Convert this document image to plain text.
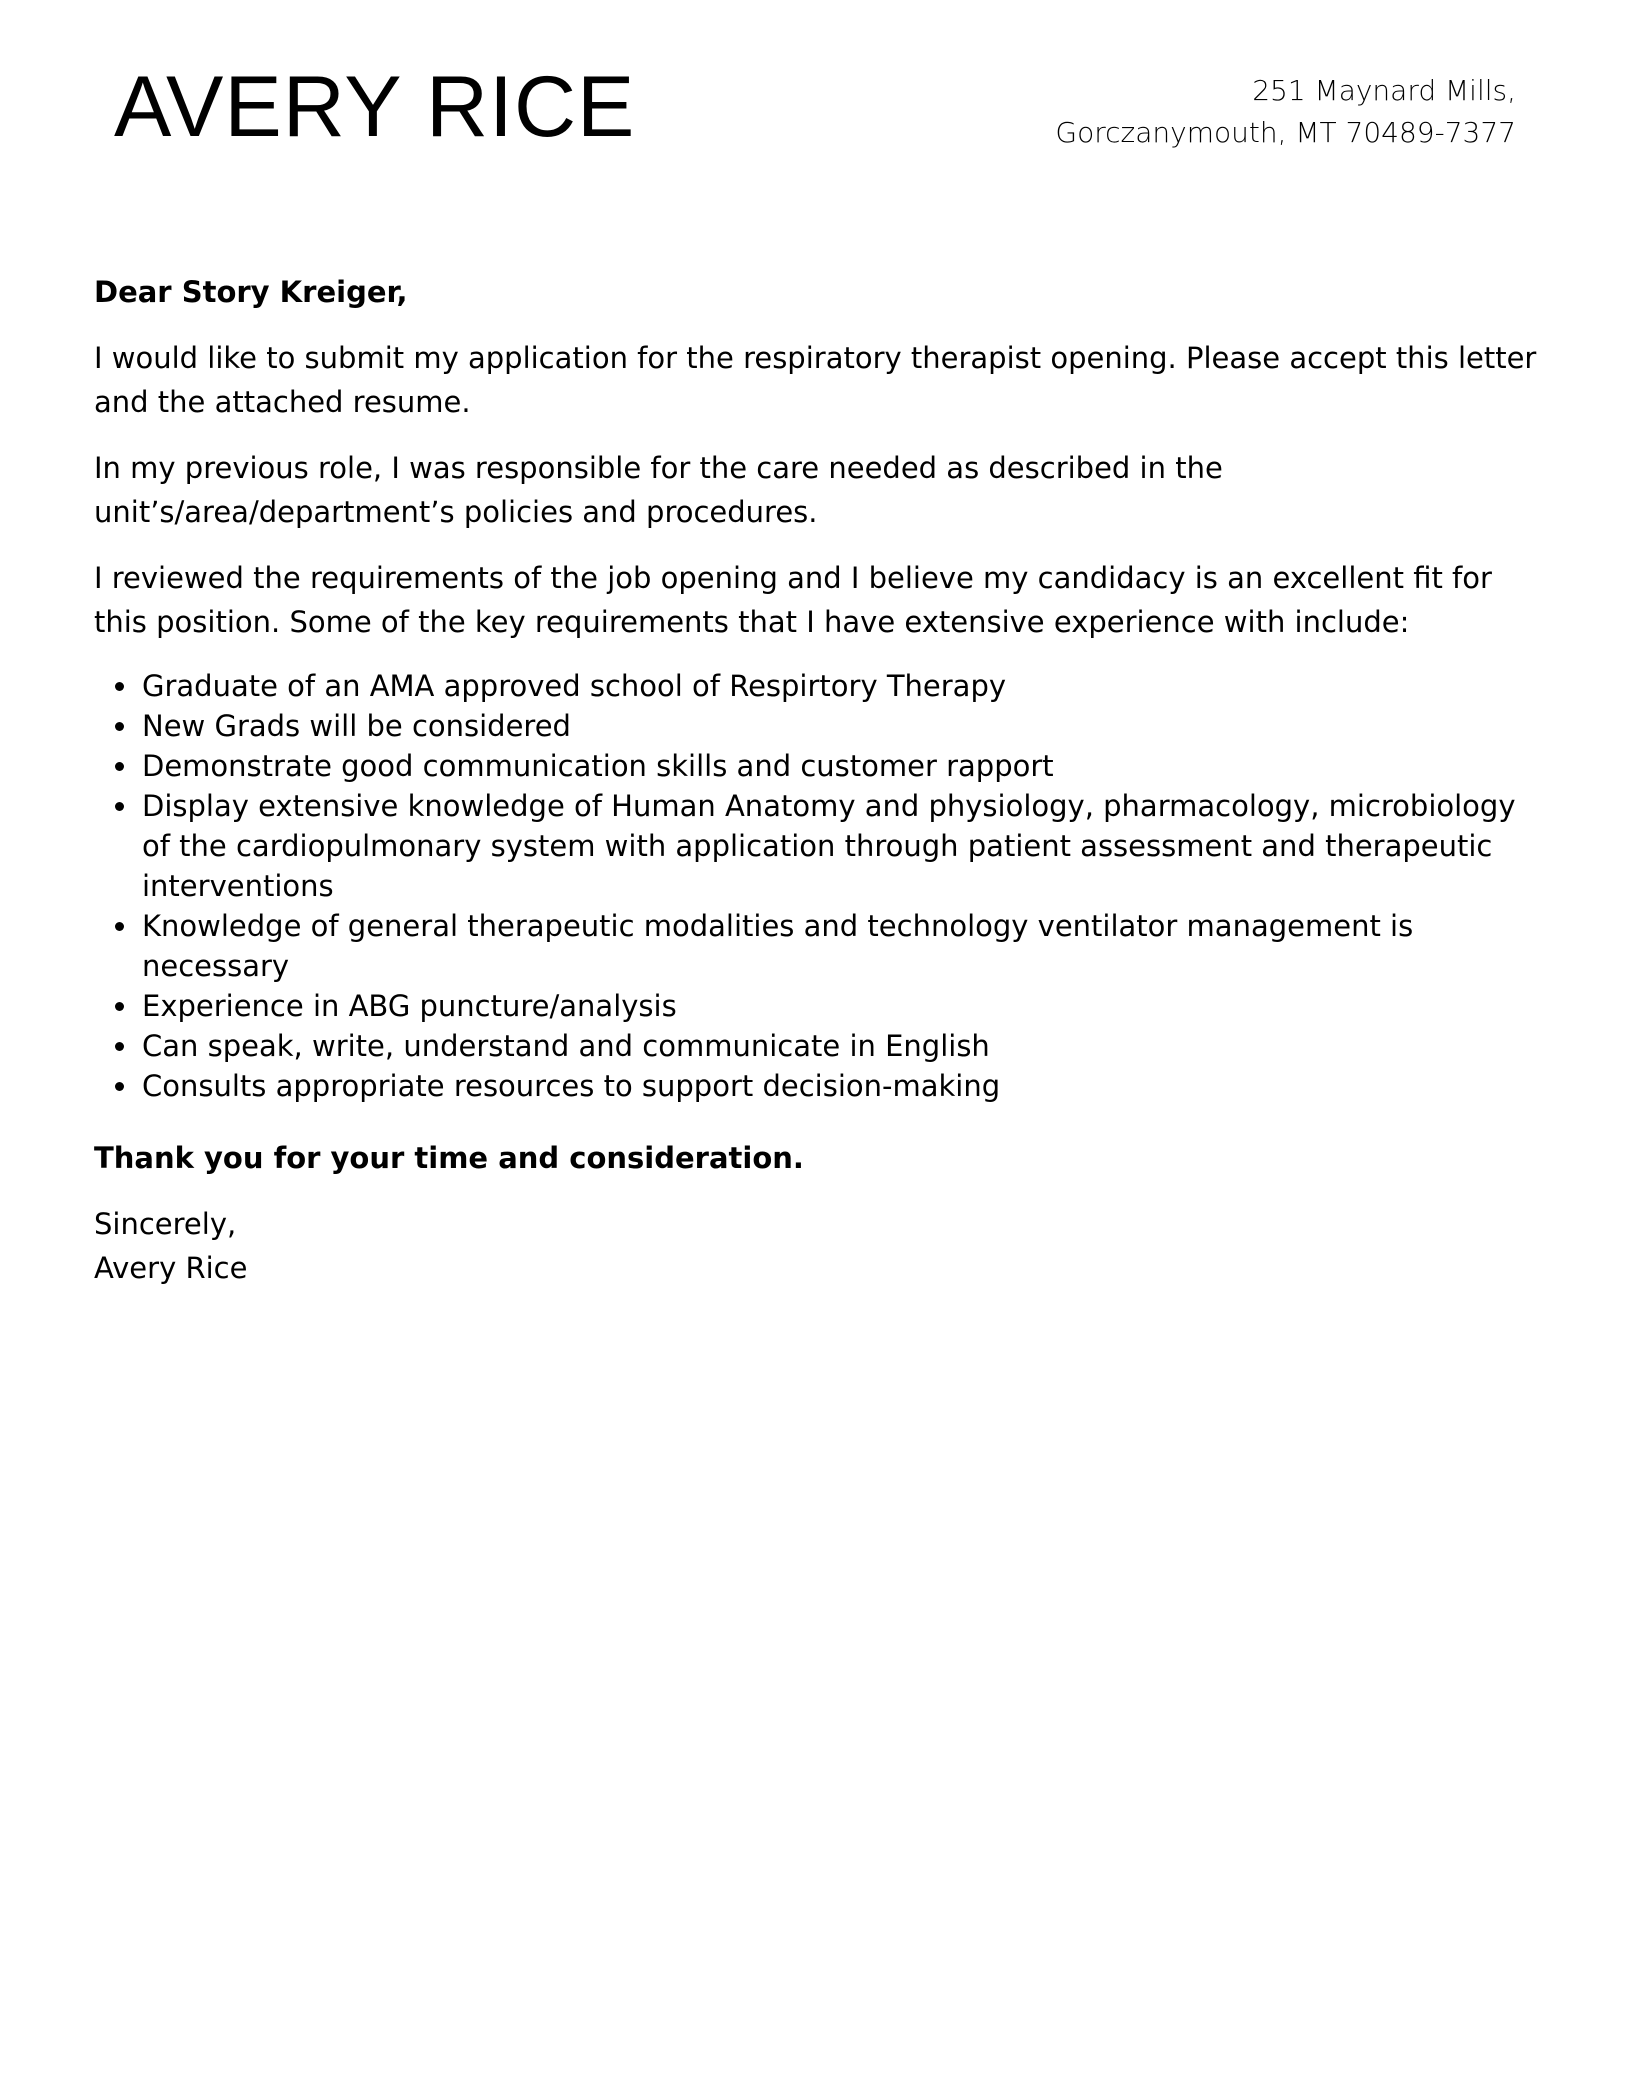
AVERY RICE	251 Maynard Mills,
Gorczanymouth, MT 70489-7377

Dear Story Kreiger,

I would like to submit my application for the respiratory therapist opening. Please accept this letter and the attached resume.

In my previous role, I was responsible for the care needed as described in the unit’s/area/department’s policies and procedures.

I reviewed the requirements of the job opening and I believe my candidacy is an excellent fit for this position. Some of the key requirements that I have extensive experience with include:

Graduate of an AMA approved school of Respirtory Therapy
New Grads will be considered
Demonstrate good communication skills and customer rapport
Display extensive knowledge of Human Anatomy and physiology, pharmacology, microbiology of the cardiopulmonary system with application through patient assessment and therapeutic interventions
Knowledge of general therapeutic modalities and technology ventilator management is necessary
Experience in ABG puncture/analysis
Can speak, write, understand and communicate in English
Consults appropriate resources to support decision-making

Thank you for your time and consideration.

Sincerely,
Avery Rice
